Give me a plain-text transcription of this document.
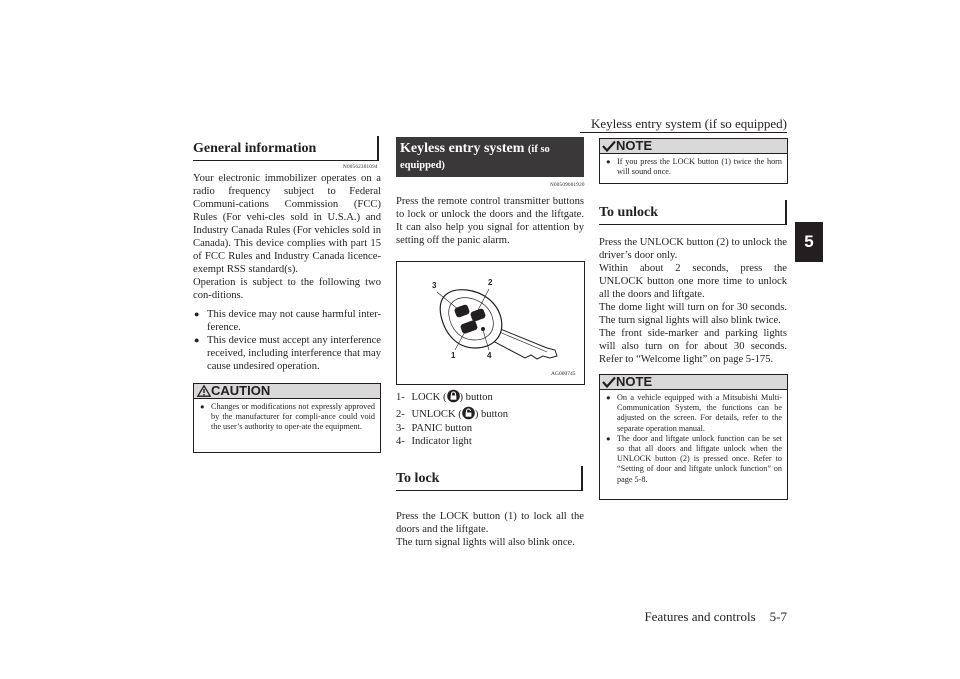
Keyless entry system (if so equipped)
5
General information
N00562301094

Your electronic immobilizer operates on a radio frequency subject to Federal Communi-cations Commission (FCC) Rules (For vehi-cles sold in U.S.A.) and Industry Canada Rules (For vehicles sold in Canada). This device complies with part 15 of FCC Rules and Industry Canada licence-exempt RSS standard(s).

Operation is subject to the following two con-ditions.

● This device may not cause harmful inter-ference.
● This device must accept any interference received, including interference that may cause undesired operation.
● Changes or modifications not expressly approved by the manufacturer for compli-ance could void the user’s authority to oper-ate the equipment.
CAUTION
Keyless entry system (if so
equipped)
N00509001920

Press the remote control transmitter buttons to lock or unlock the doors and the liftgate. It can also help you signal for attention by setting off the panic alarm.

3	2
1	4
AG000745
1- LOCK ( ) button
2- UNLOCK ( ) button
3- PANIC button
4- Indicator light
To lock

Press the LOCK button (1) to lock all the doors and the liftgate.

The turn signal lights will also blink once.

● If you press the LOCK button (1) twice the horn will sound once.
NOTE
To unlock

Press the UNLOCK button (2) to unlock the driver’s door only.

Within about 2 seconds, press the UNLOCK button one more time to unlock all the doors and liftgate.

The dome light will turn on for 30 seconds. The turn signal lights will also blink twice.

The front side-marker and parking lights will also turn on for about 30 seconds. Refer to “Welcome light” on page 5-175.

● On a vehicle equipped with a Mitsubishi Multi-Communication System, the functions can be adjusted on the screen. For details, refer to the separate operation manual.
● The door and liftgate unlock function can be set so that all doors and liftgate unlock when the UNLOCK button (2) is pressed once. Refer to “Setting of door and liftgate unlock function” on page 5-8.
NOTE
Features and controls 5-7
